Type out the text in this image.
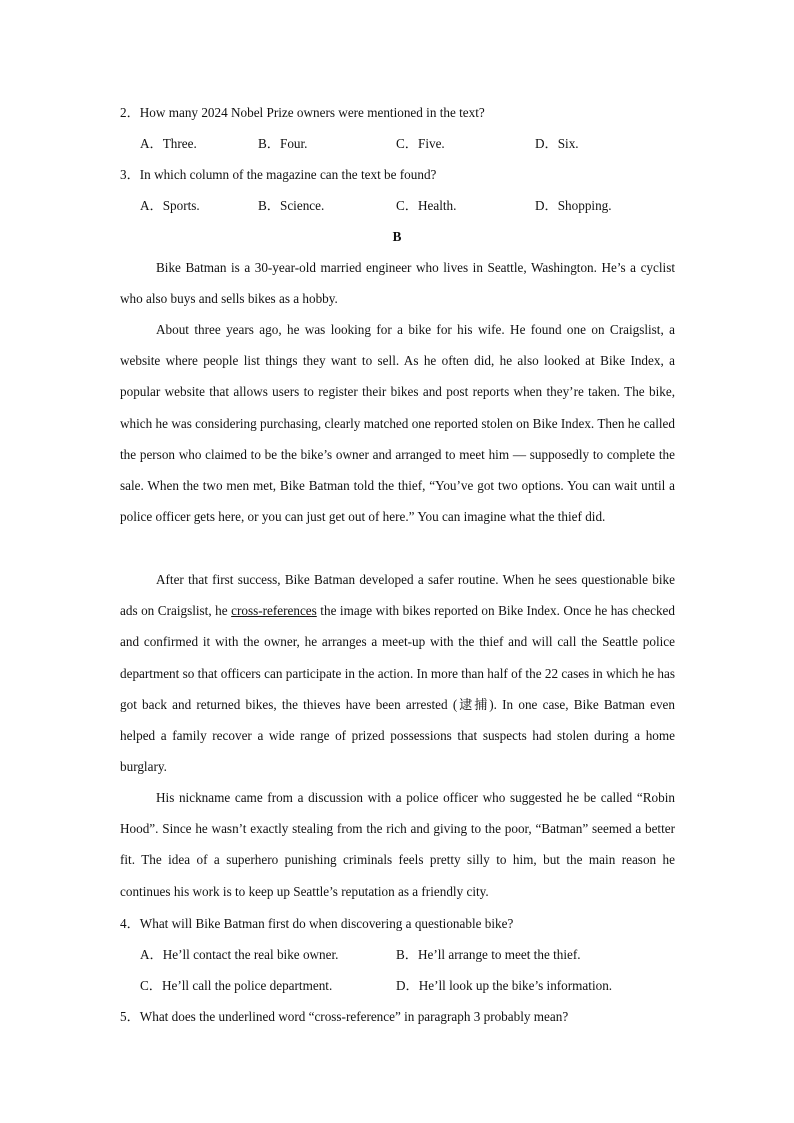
2．How many 2024 Nobel Prize owners were mentioned in the text?
A．Three.	B．Four.	C．Five.	D．Six.
3．In which column of the magazine can the text be found?
A．Sports.	B．Science.	C．Health.	D．Shopping.
B

Bike Batman is a 30-year-old married engineer who lives in Seattle, Washington. He’s a cyclist who also buys and sells bikes as a hobby.

About three years ago, he was looking for a bike for his wife. He found one on Craigslist, a website where people list things they want to sell. As he often did, he also looked at Bike Index, a popular website that allows users to register their bikes and post reports when they’re taken. The bike, which he was considering purchasing, clearly matched one reported stolen on Bike Index. Then he called the person who claimed to be the bike’s owner and arranged to meet him — supposedly to complete the sale. When the two men met, Bike Batman told the thief, “You’ve got two options. You can wait until a police officer gets here, or you can just get out of here.” You can imagine what the thief did.

After that first success, Bike Batman developed a safer routine. When he sees questionable bike ads on Craigslist, he cross-references the image with bikes reported on Bike Index. Once he has checked and confirmed it with the owner, he arranges a meet-up with the thief and will call the Seattle police department so that officers can participate in the action. In more than half of the 22 cases in which he has got back and returned bikes, the thieves have been arrested (逮捕). In one case, Bike Batman even helped a family recover a wide range of prized possessions that suspects had stolen during a home burglary.

His nickname came from a discussion with a police officer who suggested he be called “Robin Hood”. Since he wasn’t exactly stealing from the rich and giving to the poor, “Batman” seemed a better fit. The idea of a superhero punishing criminals feels pretty silly to him, but the main reason he continues his work is to keep up Seattle’s reputation as a friendly city.

4．What will Bike Batman first do when discovering a questionable bike?
A．He’ll contact the real bike owner.	B．He’ll arrange to meet the thief.
C．He’ll call the police department.	D．He’ll look up the bike’s information.
5．What does the underlined word “cross-reference” in paragraph 3 probably mean?
